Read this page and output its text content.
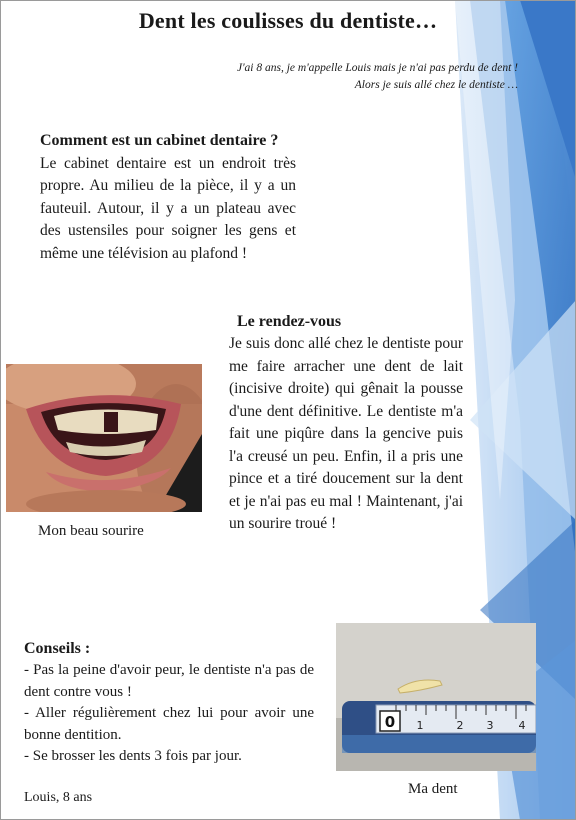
Dent les coulisses du dentiste…
J'ai 8 ans, je m'appelle Louis mais je n'ai pas perdu de dent !
Alors je suis allé chez le dentiste …
Comment est un cabinet dentaire ?
Le cabinet dentaire est un endroit très propre. Au milieu de la pièce, il y a un fauteuil. Autour, il y a un plateau avec des ustensiles pour soigner les gens et même une télévision au plafond !
Le rendez-vous
Je suis donc allé chez le dentiste pour me faire arracher une dent de lait (incisive droite) qui gênait la pousse d'une dent définitive. Le dentiste m'a fait une piqûre dans la gencive puis l'a creusé un peu. Enfin, il a pris une pince et a tiré doucement sur la dent et je n'ai pas eu mal ! Maintenant, j'ai un sourire troué !
Conseils :
- Pas la peine d'avoir peur, le dentiste n'a pas de dent contre vous !
- Aller régulièrement chez lui pour avoir une bonne dentition.
- Se brosser les dents 3 fois par jour.
Mon beau sourire
0 1	2 3 4
Ma dent
Louis, 8 ans
